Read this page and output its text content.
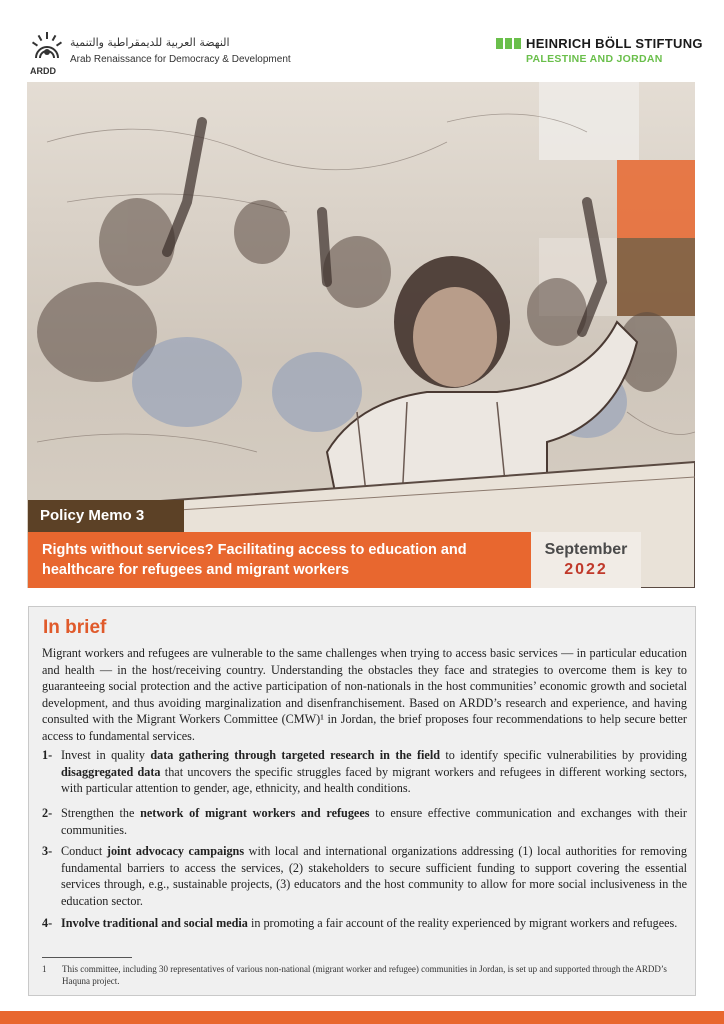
النهضة العربية للديمقراطية والتنمية
Arab Renaissance for Democracy & Development
ARDD
HEINRICH BÖLL STIFTUNG
PALESTINE AND JORDAN
Policy Memo 3
Rights without services? Facilitating access to education and healthcare for refugees and migrant workers
September
2022
In brief

Migrant workers and refugees are vulnerable to the same challenges when trying to access basic services — in particular education and health — in the host/receiving country. Understanding the obstacles they face and strategies to overcome them is key to guaranteeing social protection and the active participation of non-nationals in the host communities’ economic growth and societal development, and thus avoiding marginalization and disenfranchisement. Based on ARDD’s research and experience, and having consulted with the Migrant Workers Committee (CMW)¹ in Jordan, the brief proposes four recommendations to help secure better access to fundamental services.

1- Invest in quality data gathering through targeted research in the field to identify specific vulnerabilities by providing disaggregated data that uncovers the specific struggles faced by migrant workers and refugees in different working sectors, with particular attention to gender, age, ethnicity, and health conditions.
2- Strengthen the network of migrant workers and refugees to ensure effective communication and exchanges with their communities.
3- Conduct joint advocacy campaigns with local and international organizations addressing (1) local authorities for removing fundamental barriers to access the services, (2) stakeholders to secure sufficient funding to support covering the essential services through, e.g., sustainable projects, (3) educators and the host community to allow for more social inclusiveness in the education sector.
4- Involve traditional and social media in promoting a fair account of the reality experienced by migrant workers and refugees.
1 This committee, including 30 representatives of various non-national (migrant worker and refugee) communities in Jordan, is set up and supported through the ARDD’s Haquna project.
